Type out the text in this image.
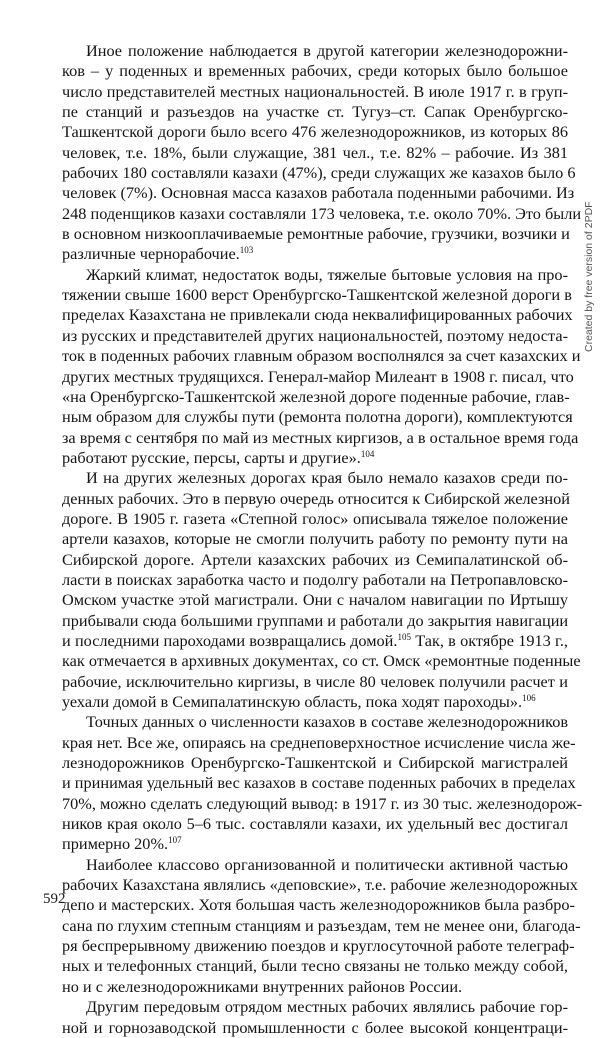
Иное положение наблюдается в другой категории железнодорожни-
ков – у поденных и временных рабочих, среди которых было большое
число представителей местных национальностей. В июле 1917 г. в груп-
пе станций и разъездов на участке ст. Тугуз–ст. Сапак Оренбургско-
Ташкентской дороги было всего 476 железнодорожников, из которых 86
человек, т.е. 18%, были служащие, 381 чел., т.е. 82% – рабочие. Из 381
рабочих 180 составляли казахи (47%), среди служащих же казахов было 6
человек (7%). Основная масса казахов работала поденными рабочими. Из
248 поденщиков казахи составляли 173 человека, т.е. около 70%. Это были
в основном низкооплачиваемые ремонтные рабочие, грузчики, возчики и
различные чернорабочие.$^{103}$
Жаркий климат, недостаток воды, тяжелые бытовые условия на про-
тяжении свыше 1600 верст Оренбургско-Ташкентской железной дороги в
пределах Казахстана не привлекали сюда неквалифицированных рабочих
из русских и представителей других национальностей, поэтому недоста-
ток в поденных рабочих главным образом восполнялся за счет казахских и
других местных трудящихся. Генерал-майор Милеант в 1908 г. писал, что
«на Оренбургско-Ташкентской железной дороге поденные рабочие, глав-
ным образом для службы пути (ремонта полотна дороги), комплектуются
за время с сентября по май из местных киргизов, а в остальное время года
работают русские, персы, сарты и другие».$^{104}$
И на других железных дорогах края было немало казахов среди по-
денных рабочих. Это в первую очередь относится к Сибирской железной
дороге. В 1905 г. газета «Степной голос» описывала тяжелое положение
артели казахов, которые не смогли получить работу по ремонту пути на
Сибирской дороге. Артели казахских рабочих из Семипалатинской об-
ласти в поисках заработка часто и подолгу работали на Петропавловско-
Омском участке этой магистрали. Они с началом навигации по Иртышу
прибывали сюда большими группами и работали до закрытия навигации
и последними пароходами возвращались домой.$^{105}$ Так, в октябре 1913 г.,
как отмечается в архивных документах, со ст. Омск «ремонтные поденные
рабочие, исключительно киргизы, в числе 80 человек получили расчет и
уехали домой в Семипалатинскую область, пока ходят пароходы».$^{106}$
Точных данных о численности казахов в составе железнодорожников
края нет. Все же, опираясь на среднеповерхностное исчисление числа же-
лезнодорожников Оренбургско-Ташкентской и Сибирской магистралей
и принимая удельный вес казахов в составе поденных рабочих в пределах
70%, можно сделать следующий вывод: в 1917 г. из 30 тыс. железнодорож-
ников края около 5–6 тыс. составляли казахи, их удельный вес достигал
примерно 20%.$^{107}$
Наиболее классово организованной и политически активной частью
рабочих Казахстана являлись «деповские», т.е. рабочие железнодорожных
депо и мастерских. Хотя большая часть железнодорожников была разбро-
сана по глухим степным станциям и разъездам, тем не менее они, благода-
ря беспрерывному движению поездов и круглосуточной работе телеграф-
ных и телефонных станций, были тесно связаны не только между собой,
но и с железнодорожниками внутренних районов России.
Другим передовым отрядом местных рабочих являлись рабочие гор-
ной и горнозаводской промышленности с более высокой концентраци-
592
Created by free version of 2PDF
